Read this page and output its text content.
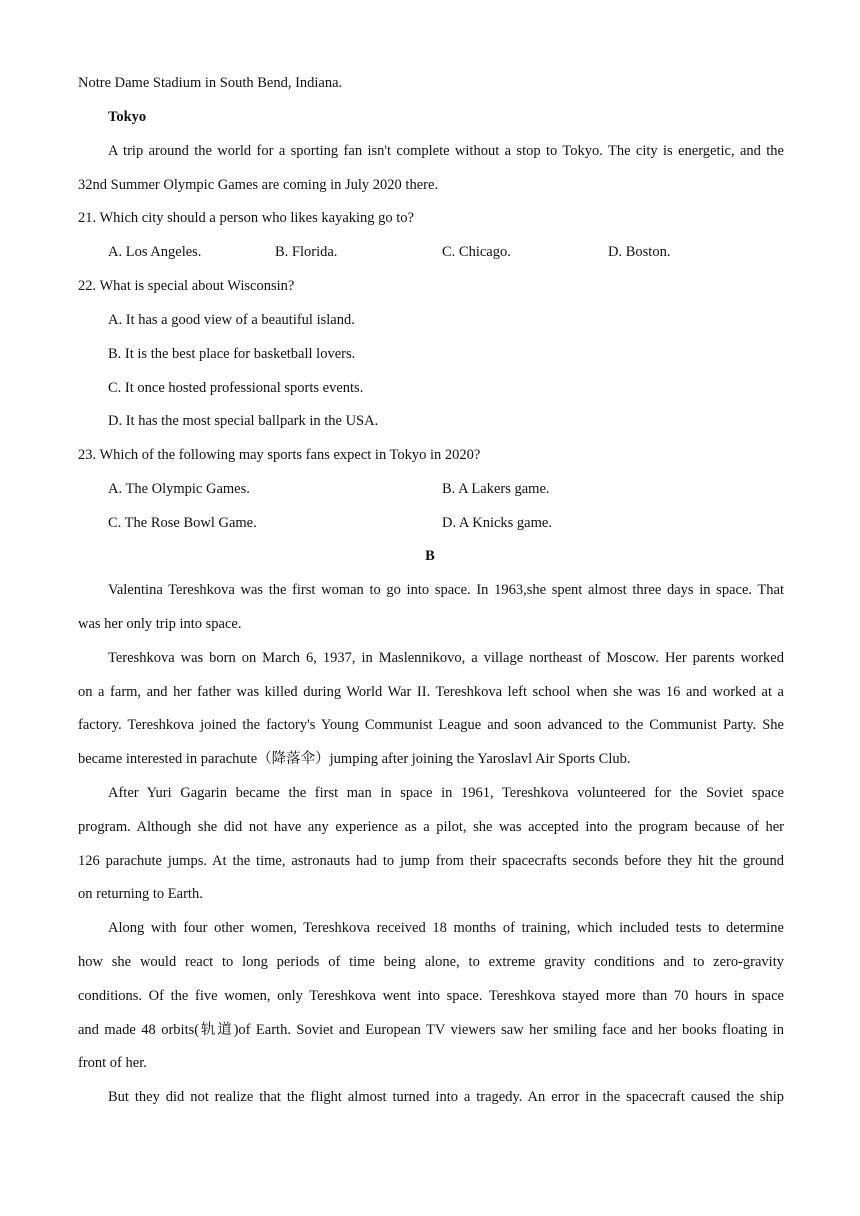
Notre Dame Stadium in South Bend, Indiana.
Tokyo
A trip around the world for a sporting fan isn't complete without a stop to Tokyo. The city is energetic, and the
32nd Summer Olympic Games are coming in July 2020 there.
21. Which city should a person who likes kayaking go to?
A. Los Angeles.	B. Florida.	C. Chicago.	D. Boston.
22. What is special about Wisconsin?
A. It has a good view of a beautiful island.
B. It is the best place for basketball lovers.
C. It once hosted professional sports events.
D. It has the most special ballpark in the USA.
23. Which of the following may sports fans expect in Tokyo in 2020?
A. The Olympic Games.	B. A Lakers game.
C. The Rose Bowl Game.	D. A Knicks game.
B
Valentina Tereshkova was the first woman to go into space. In 1963,she spent almost three days in space. That
was her only trip into space.
Tereshkova was born on March 6, 1937, in Maslennikovo, a village northeast of Moscow. Her parents worked
on a farm, and her father was killed during World War II. Tereshkova left school when she was 16 and worked at a
factory. Tereshkova joined the factory's Young Communist League and soon advanced to the Communist Party. She
became interested in parachute（降落伞）jumping after joining the Yaroslavl Air Sports Club.
After Yuri Gagarin became the first man in space in 1961, Tereshkova volunteered for the Soviet space
program. Although she did not have any experience as a pilot, she was accepted into the program because of her
126 parachute jumps. At the time, astronauts had to jump from their spacecrafts seconds before they hit the ground
on returning to Earth.
Along with four other women, Tereshkova received 18 months of training, which included tests to determine
how she would react to long periods of time being alone, to extreme gravity conditions and to zero-gravity
conditions. Of the five women, only Tereshkova went into space. Tereshkova stayed more than 70 hours in space
and made 48 orbits(轨道)of Earth. Soviet and European TV viewers saw her smiling face and her books floating in
front of her.
But they did not realize that the flight almost turned into a tragedy. An error in the spacecraft caused the ship
